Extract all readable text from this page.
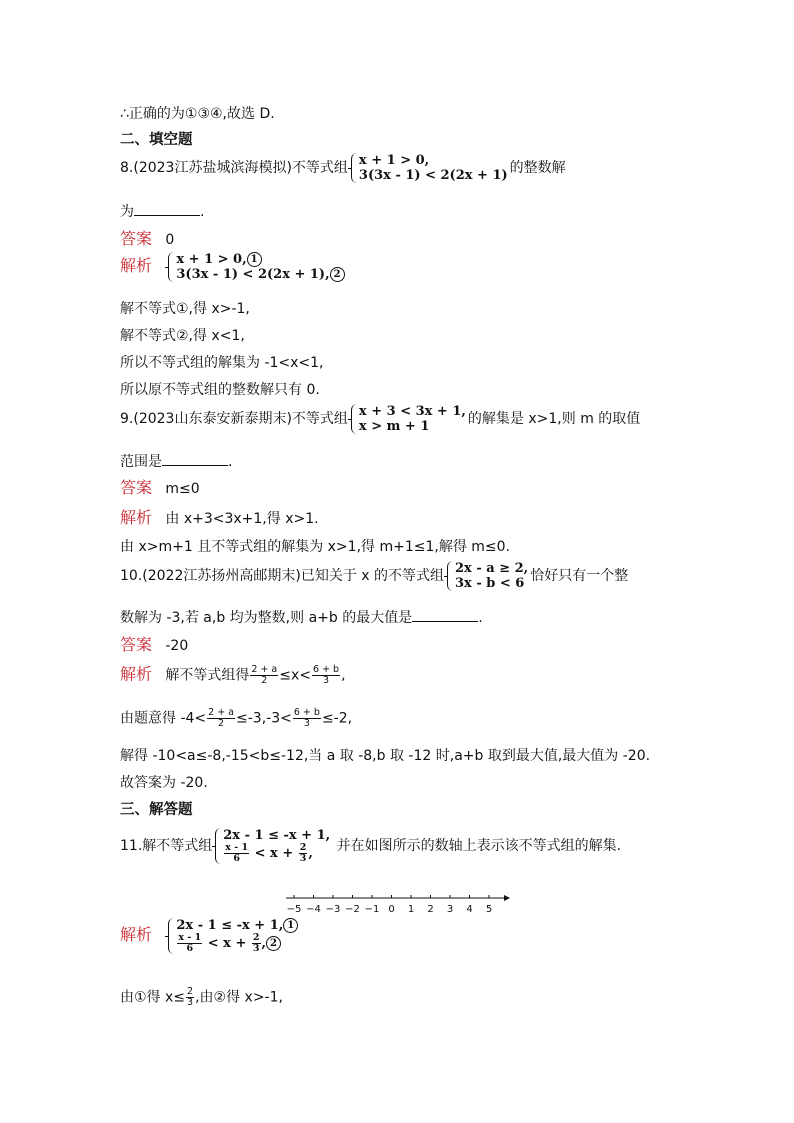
∴正确的为①③④,故选 D.
二、填空题
8.(2023江苏盐城滨海模拟)不等式组 x + 1 > 0,
3(3x - 1) < 2(2x + 1) 的整数解
为	.
答案 0
解析 x + 1 > 0, 1
3(3x - 1) < 2(2x + 1), 2
解不等式①,得 x>-1,
解不等式②,得 x<1,
所以不等式组的解集为 -1<x<1,
所以原不等式组的整数解只有 0.
9.(2023山东泰安新泰期末)不等式组 x + 3 < 3x + 1,
x > m + 1	的解集是 x>1,则 m 的取值
范围是	.
答案 m≤0
解析 由 x+3<3x+1,得 x>1.
由 x>m+1 且不等式组的解集为 x>1,得 m+1≤1,解得 m≤0.
10.(2022江苏扬州高邮期末)已知关于 x 的不等式组 2x - a ≥ 2,
3x - b < 6 恰好只有一个整
数解为 -3,若 a,b 均为整数,则 a+b 的最大值是	.
答案 -20
解析 解不等式组得 $\frac{2 + a}{2} \le x< \frac{6 + b}{3}$ ,
由题意得 $-4< \frac{2 + a}{2} \le-3,-3< \frac{6 + b}{3} \le-2$,
解得 -10<a≤-8,-15<b≤-12,当 a 取 -8,b 取 -12 时,a+b 取到最大值,最大值为 -20.
故答案为 -20.
三、解答题
11.解不等式组
2x - 1 ≤ -x + 1,
$\frac{x - 1}{6} < x + \frac{2}{3}$ ,	并在如图所示的数轴上表示该不等式组的解集.
−5 −4 −3 −2 −1 0 1 2 3 4 5
解析 2x - 1 ≤ -x + 1, 1
$\frac{x - 1}{6} < x + \frac{2}{3}$ , 2
由①得 $x\le \frac{2}{3}$ ,由②得 x>-1,
